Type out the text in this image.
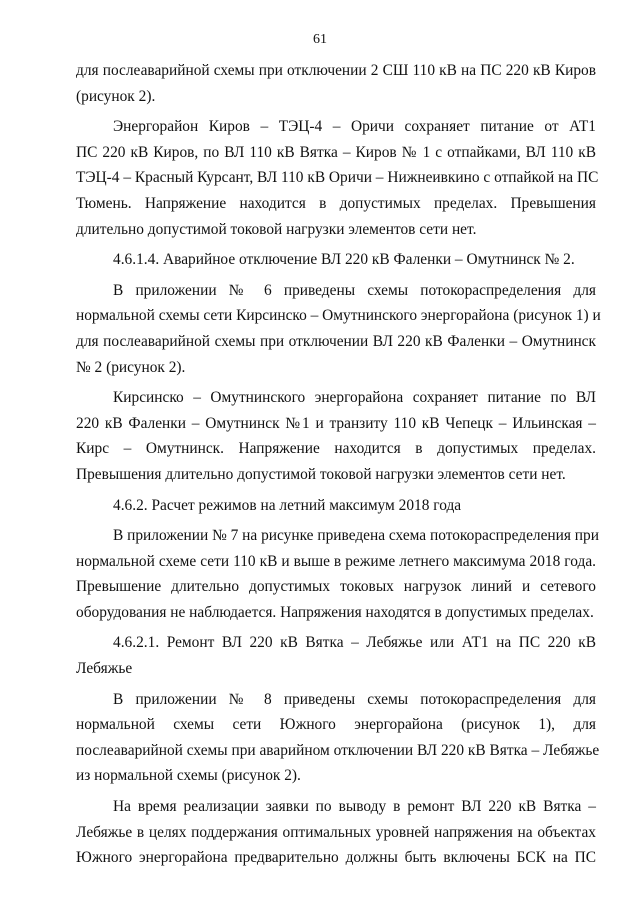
61
для послеаварийной схемы при отключении 2 СШ 110 кВ на ПС 220 кВ Киров
(рисунок 2).
Энергорайон Киров – ТЭЦ-4 – Оричи сохраняет питание от АТ1
ПС 220 кВ Киров, по ВЛ 110 кВ Вятка – Киров № 1 с отпайками, ВЛ 110 кВ
ТЭЦ-4 – Красный Курсант, ВЛ 110 кВ Оричи – Нижнеивкино с отпайкой на ПС
Тюмень. Напряжение находится в допустимых пределах. Превышения
длительно допустимой токовой нагрузки элементов сети нет.
4.6.1.4. Аварийное отключение ВЛ 220 кВ Фаленки – Омутнинск № 2.
В приложении № 6 приведены схемы потокораспределения для
нормальной схемы сети Кирсинско – Омутнинского энергорайона (рисунок 1) и
для послеаварийной схемы при отключении ВЛ 220 кВ Фаленки – Омутнинск
№ 2 (рисунок 2).
Кирсинско – Омутнинского энергорайона сохраняет питание по ВЛ
220 кВ Фаленки – Омутнинск №1 и транзиту 110 кВ Чепецк – Ильинская –
Кирс – Омутнинск. Напряжение находится в допустимых пределах.
Превышения длительно допустимой токовой нагрузки элементов сети нет.
4.6.2. Расчет режимов на летний максимум 2018 года
В приложении № 7 на рисунке приведена схема потокораспределения при
нормальной схеме сети 110 кВ и выше в режиме летнего максимума 2018 года.
Превышение длительно допустимых токовых нагрузок линий и сетевого
оборудования не наблюдается. Напряжения находятся в допустимых пределах.
4.6.2.1. Ремонт ВЛ 220 кВ Вятка – Лебяжье или АТ1 на ПС 220 кВ
Лебяжье
В приложении № 8 приведены схемы потокораспределения для
нормальной схемы сети Южного энергорайона (рисунок 1), для
послеаварийной схемы при аварийном отключении ВЛ 220 кВ Вятка – Лебяжье
из нормальной схемы (рисунок 2).
На время реализации заявки по выводу в ремонт ВЛ 220 кВ Вятка –
Лебяжье в целях поддержания оптимальных уровней напряжения на объектах
Южного энергорайона предварительно должны быть включены БСК на ПС
